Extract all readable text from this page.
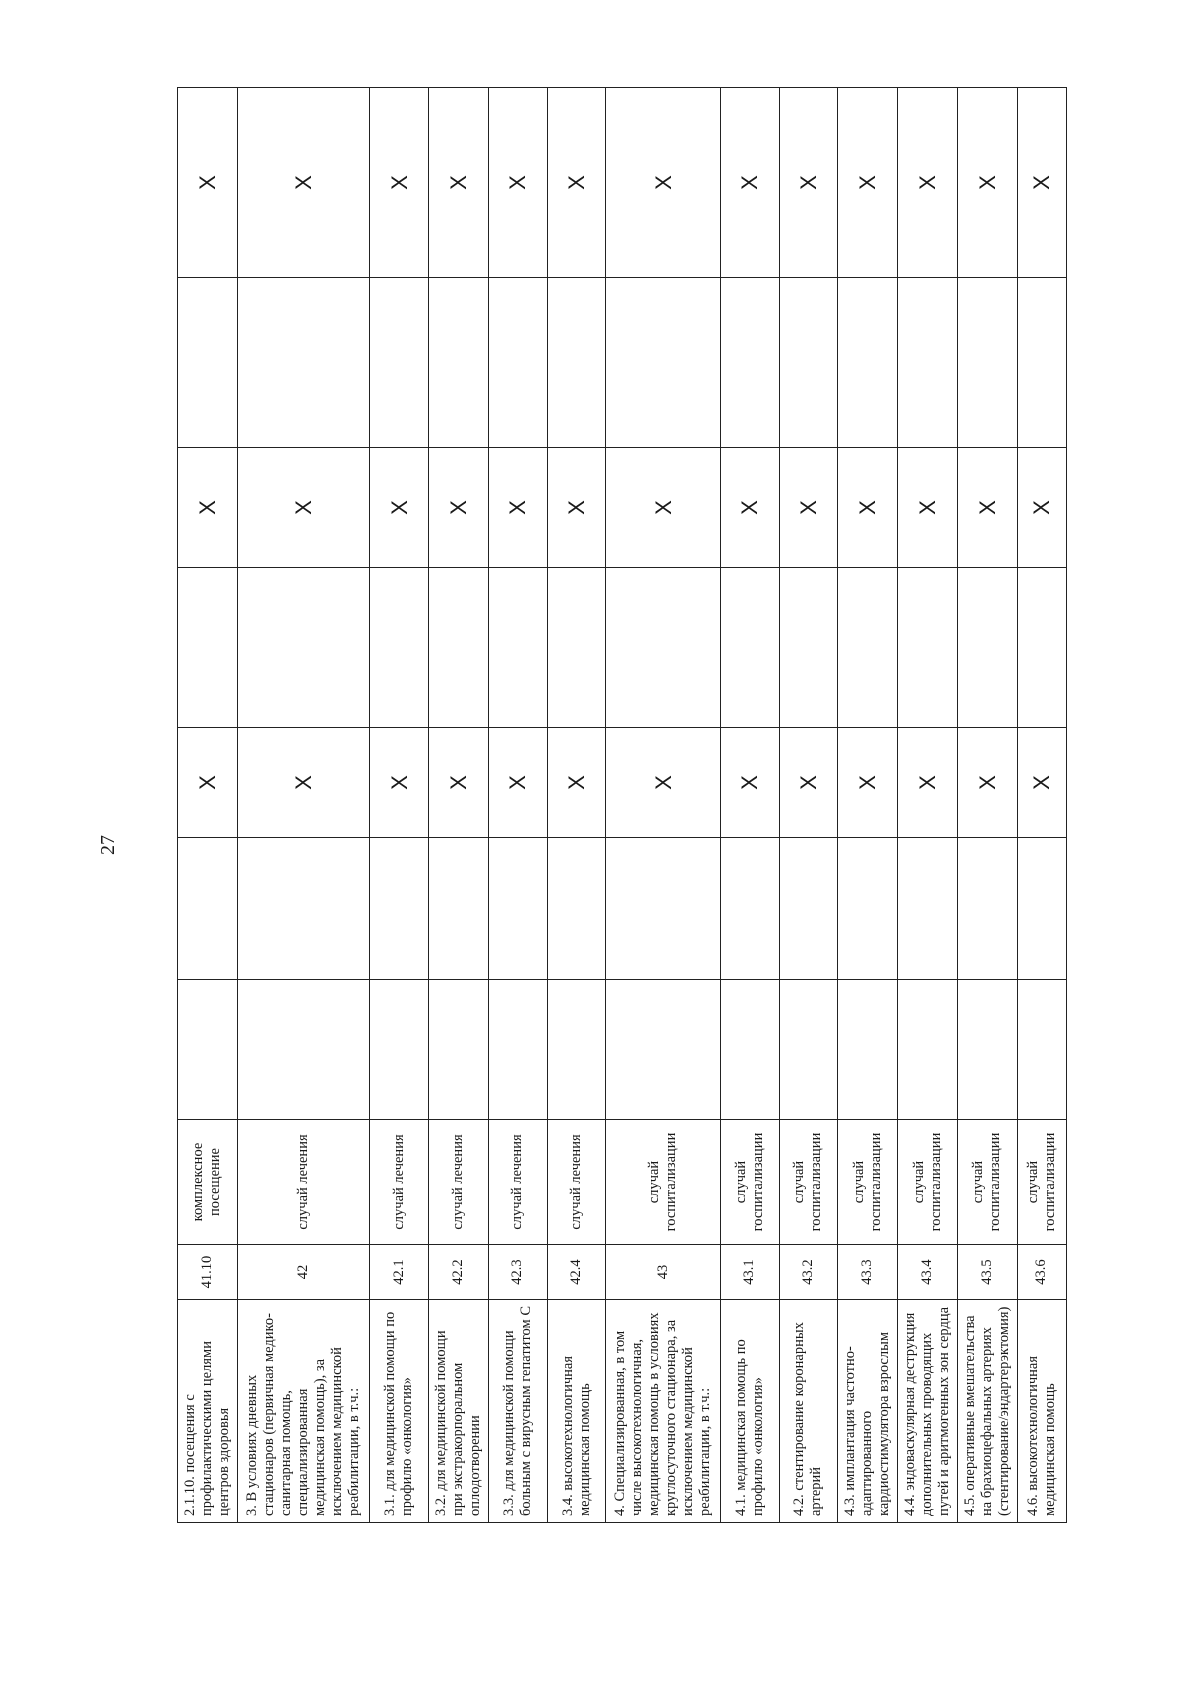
27
2.1.10. посещения с профилактическими целями центров здоровья	41.10	комплексное посещение			X		X		X
3. В условиях дневных стационаров (первичная медико-санитарная помощь, специализированная медицинская помощь), за исключением медицинской реабилитации, в т.ч.:	42	случай лечения			X		X		X
3.1. для медицинской помощи по профилю «онкология»	42.1	случай лечения			X		X		X
3.2. для медицинской помощи при экстракорпоральном оплодотворении	42.2	случай лечения			X		X		X
3.3. для медицинской помощи больным с вирусным гепатитом С	42.3	случай лечения			X		X		X
3.4. высокотехнологичная медицинская помощь	42.4	случай лечения			X		X		X
4. Специализированная, в том числе высокотехнологичная, медицинская помощь в условиях круглосуточного стационара, за исключением медицинской реабилитации, в т.ч.:	43	случай госпитализации			X		X		X
4.1. медицинская помощь по профилю «онкология»	43.1	случай госпитализации			X		X		X
4.2. стентирование коронарных артерий	43.2	случай госпитализации			X		X		X
4.3. имплантация частотно-адаптированного кардиостимулятора взрослым	43.3	случай госпитализации			X		X		X
4.4. эндоваскулярная деструкция дополнительных проводящих путей и аритмогенных зон сердца	43.4	случай госпитализации			X		X		X
4.5. оперативные вмешательства на брахиоцефальных артериях (стентирование/эндартерэктомия)	43.5	случай госпитализации			X		X		X
4.6. высокотехнологичная медицинская помощь	43.6	случай госпитализации			X		X		X
